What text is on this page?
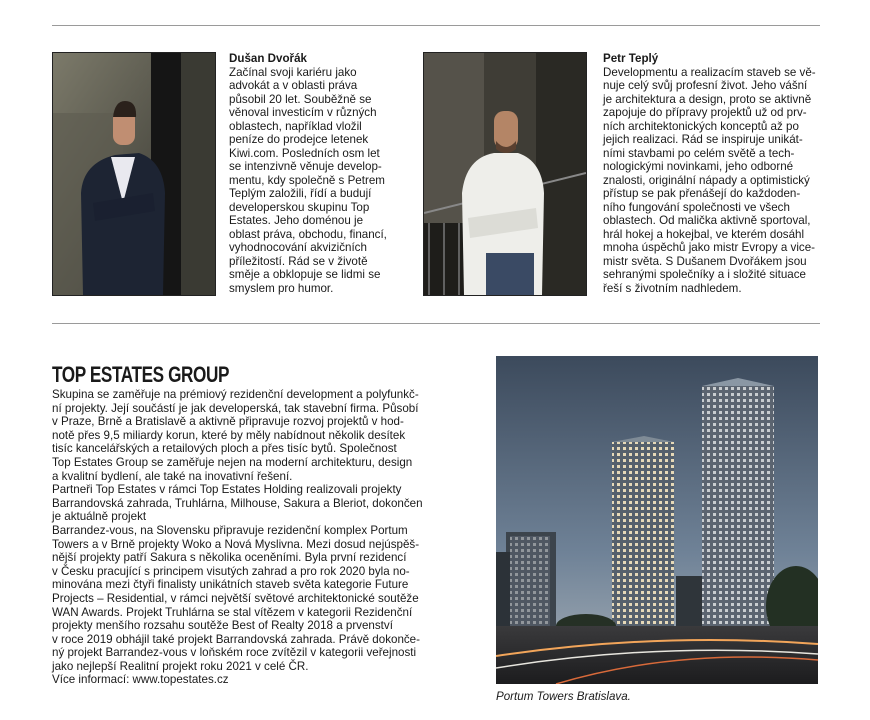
Dušan Dvořák
Začínal svoji kariéru jako
advokát a v oblasti práva
působil 20 let. Souběžně se
věnoval investicím v různých
oblastech, například vložil
peníze do prodejce letenek
Kiwi.com. Posledních osm let
se intenzivně věnuje develop-
mentu, kdy společně s Petrem
Teplým založili, řídí a budují
developerskou skupinu Top
Estates. Jeho doménou je
oblast práva, obchodu, financí,
vyhodnocování akvizičních
příležitostí. Rád se v životě
směje a obklopuje se lidmi se
smyslem pro humor.
Petr Teplý
Developmentu a realizacím staveb se vě-
nuje celý svůj profesní život. Jeho vášní
je architektura a design, proto se aktivně
zapojuje do přípravy projektů už od prv-
ních architektonických konceptů až po
jejich realizaci. Rád se inspiruje unikát-
ními stavbami po celém světě a tech-
nologickými novinkami, jeho odborné
znalosti, originální nápady a optimistický
přístup se pak přenášejí do každoden-
ního fungování společnosti ve všech
oblastech. Od malička aktivně sportoval,
hrál hokej a hokejbal, ve kterém dosáhl
mnoha úspěchů jako mistr Evropy a vice-
mistr světa. S Dušanem Dvořákem jsou
sehranými společníky a i složité situace
řeší s životním nadhledem.
TOP ESTATES GROUP
Skupina se zaměřuje na prémiový rezidenční development a polyfunkč-
ní projekty. Její součástí je jak developerská, tak stavební firma. Působí
v Praze, Brně a Bratislavě a aktivně připravuje rozvoj projektů v hod-
notě přes 9,5 miliardy korun, které by měly nabídnout několik desítek
tisíc kancelářských a retailových ploch a přes tisíc bytů. Společnost
Top Estates Group se zaměřuje nejen na moderní architekturu, design
a kvalitní bydlení, ale také na inovativní řešení.
Partneři Top Estates v rámci Top Estates Holding realizovali projekty
Barrandovská zahrada, Truhlárna, Milhouse, Sakura a Bleriot, dokončen
je aktuálně projekt
Barrandez-vous, na Slovensku připravuje rezidenční komplex Portum
Towers a v Brně projekty Woko a Nová Myslivna. Mezi dosud nejúspěš-
nější projekty patří Sakura s několika oceněními. Byla první rezidencí
v Česku pracující s principem visutých zahrad a pro rok 2020 byla no-
minována mezi čtyři finalisty unikátních staveb světa kategorie Future
Projects – Residential, v rámci největší světové architektonické soutěže
WAN Awards. Projekt Truhlárna se stal vítězem v kategorii Rezidenční
projekty menšího rozsahu soutěže Best of Realty 2018 a prvenství
v roce 2019 obhájil také projekt Barrandovská zahrada. Právě dokonče-
ný projekt Barrandez-vous v loňském roce zvítězil v kategorii veřejnosti
jako nejlepší Realitní projekt roku 2021 v celé ČR.
Více informací: www.topestates.cz
Portum Towers Bratislava.
